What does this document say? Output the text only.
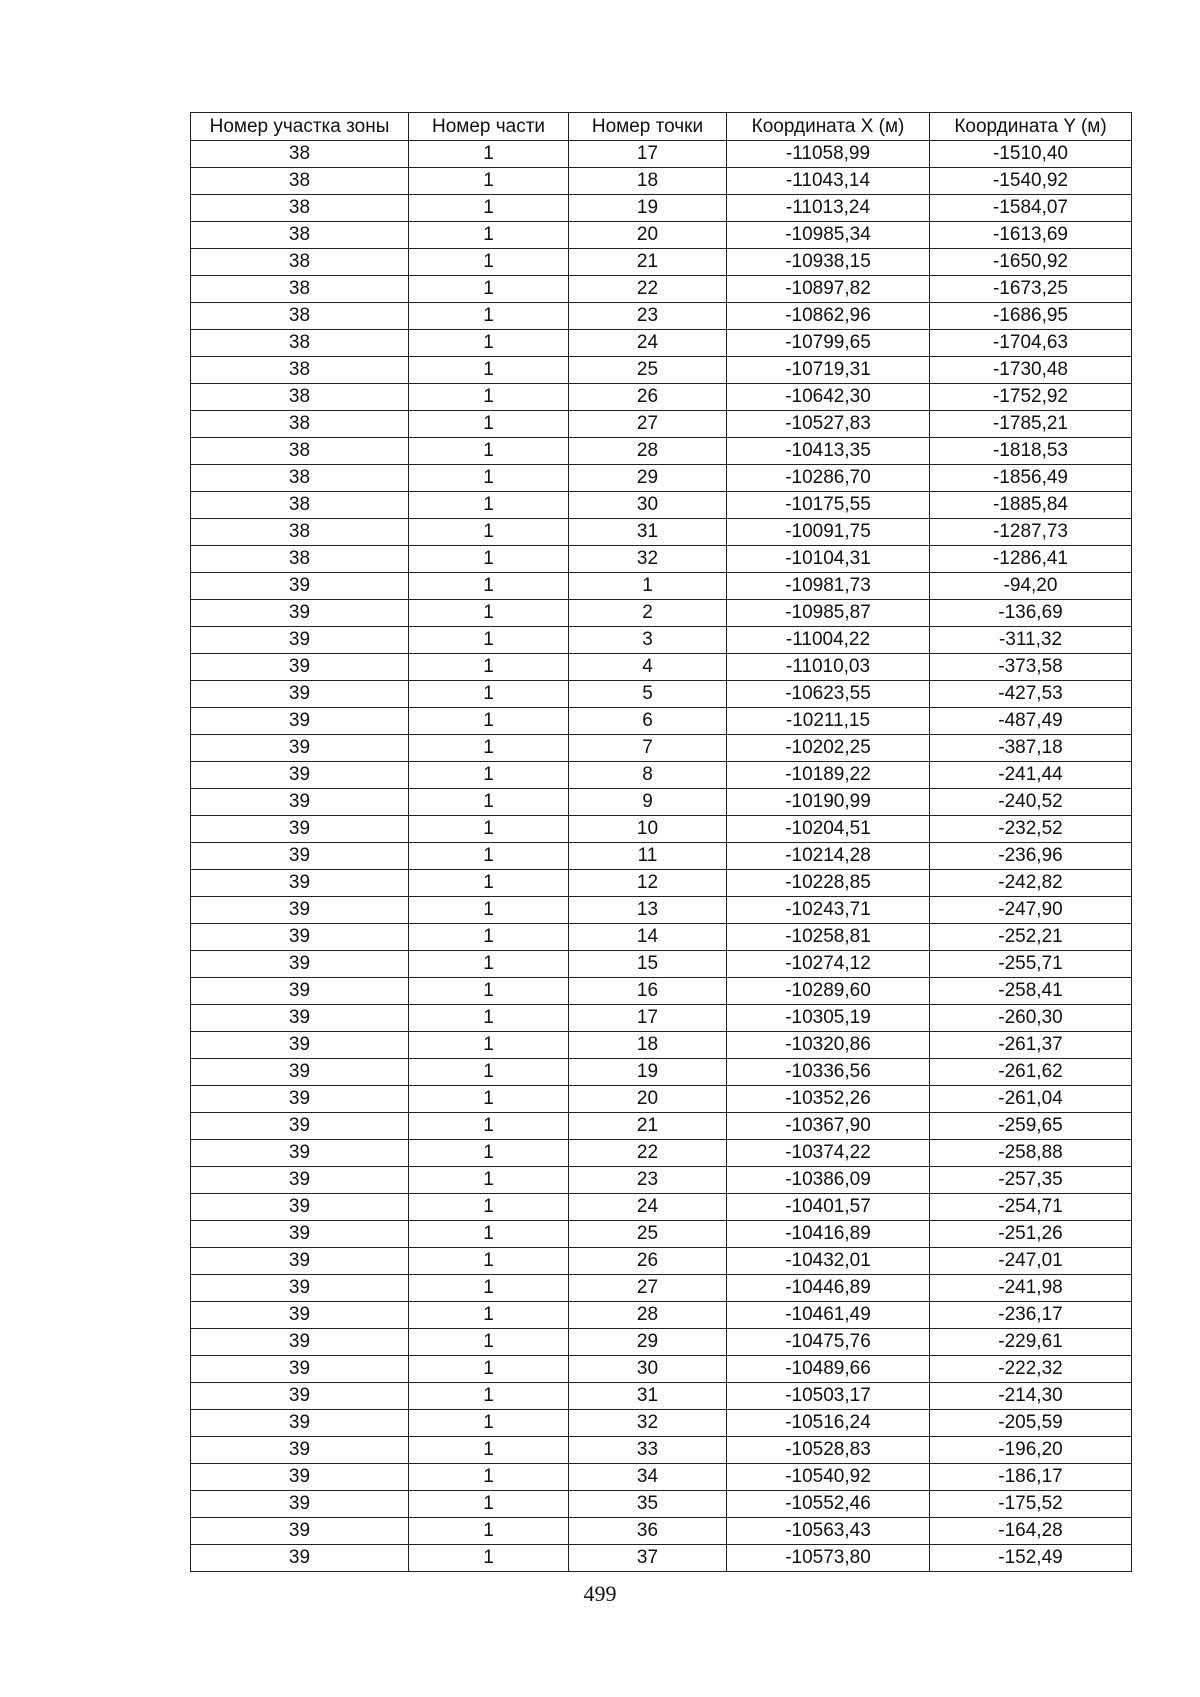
Номер участка зоны	Номер части	Номер точки	Координата X (м)	Координата Y (м)
38	1	17	-11058,99	-1510,40
38	1	18	-11043,14	-1540,92
38	1	19	-11013,24	-1584,07
38	1	20	-10985,34	-1613,69
38	1	21	-10938,15	-1650,92
38	1	22	-10897,82	-1673,25
38	1	23	-10862,96	-1686,95
38	1	24	-10799,65	-1704,63
38	1	25	-10719,31	-1730,48
38	1	26	-10642,30	-1752,92
38	1	27	-10527,83	-1785,21
38	1	28	-10413,35	-1818,53
38	1	29	-10286,70	-1856,49
38	1	30	-10175,55	-1885,84
38	1	31	-10091,75	-1287,73
38	1	32	-10104,31	-1286,41
39	1	1	-10981,73	-94,20
39	1	2	-10985,87	-136,69
39	1	3	-11004,22	-311,32
39	1	4	-11010,03	-373,58
39	1	5	-10623,55	-427,53
39	1	6	-10211,15	-487,49
39	1	7	-10202,25	-387,18
39	1	8	-10189,22	-241,44
39	1	9	-10190,99	-240,52
39	1	10	-10204,51	-232,52
39	1	11	-10214,28	-236,96
39	1	12	-10228,85	-242,82
39	1	13	-10243,71	-247,90
39	1	14	-10258,81	-252,21
39	1	15	-10274,12	-255,71
39	1	16	-10289,60	-258,41
39	1	17	-10305,19	-260,30
39	1	18	-10320,86	-261,37
39	1	19	-10336,56	-261,62
39	1	20	-10352,26	-261,04
39	1	21	-10367,90	-259,65
39	1	22	-10374,22	-258,88
39	1	23	-10386,09	-257,35
39	1	24	-10401,57	-254,71
39	1	25	-10416,89	-251,26
39	1	26	-10432,01	-247,01
39	1	27	-10446,89	-241,98
39	1	28	-10461,49	-236,17
39	1	29	-10475,76	-229,61
39	1	30	-10489,66	-222,32
39	1	31	-10503,17	-214,30
39	1	32	-10516,24	-205,59
39	1	33	-10528,83	-196,20
39	1	34	-10540,92	-186,17
39	1	35	-10552,46	-175,52
39	1	36	-10563,43	-164,28
39	1	37	-10573,80	-152,49
499
